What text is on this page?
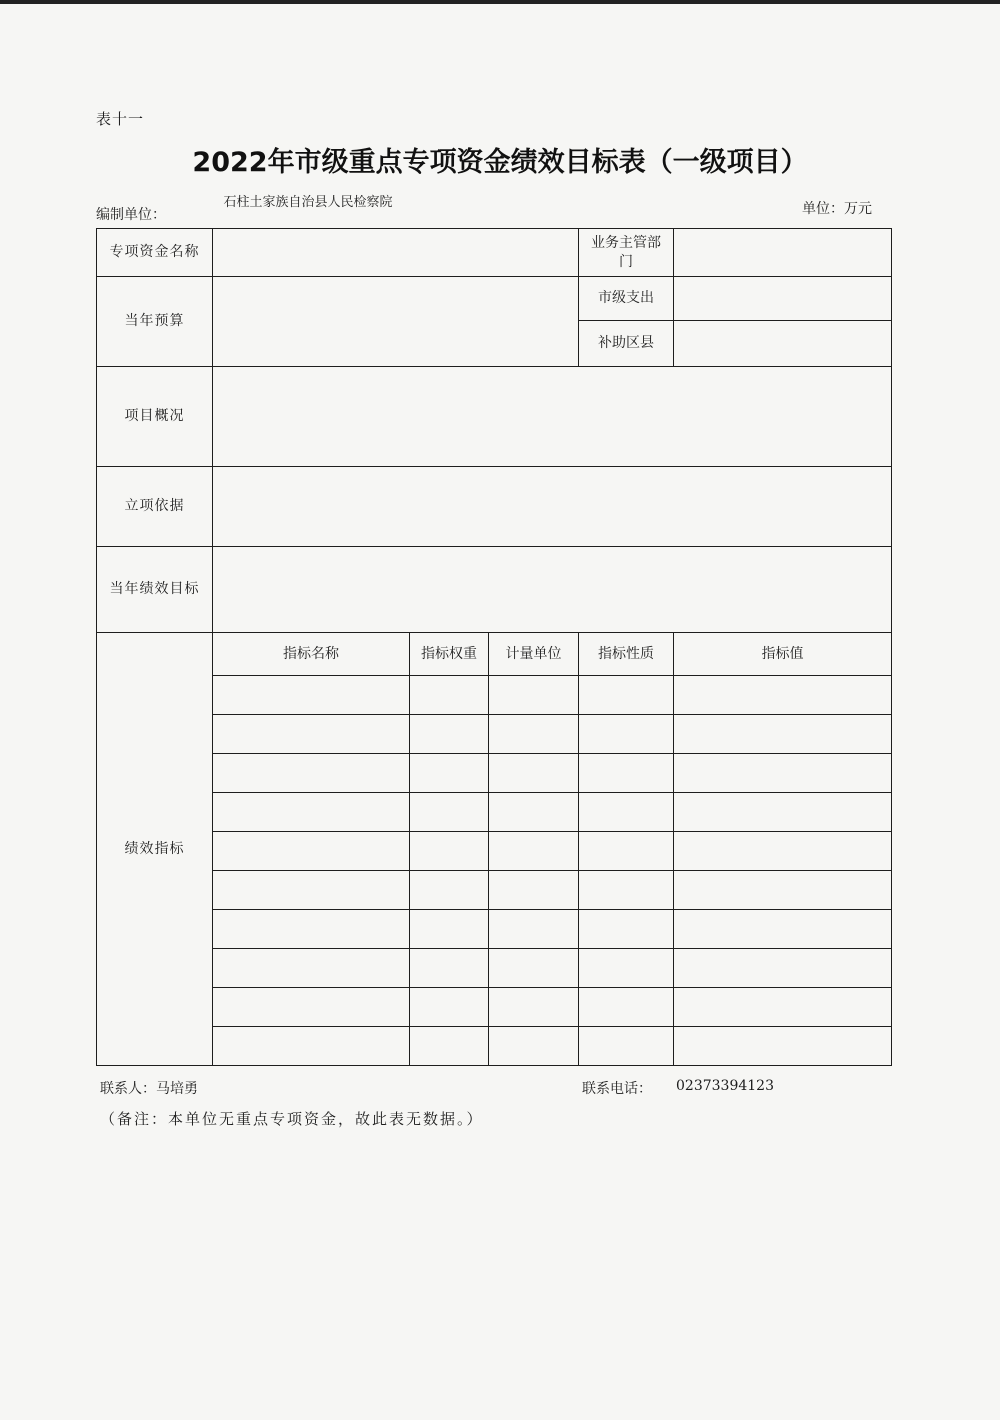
表十一
2022年市级重点专项资金绩效目标表（一级项目）
编制单位：
石柱土家族自治县人民检察院	单位：万元
专项资金名称				业务主管部门	
当年预算				市级支出	
				补助区县	
项目概况					
立项依据					
当年绩效目标					
绩效指标	指标名称	指标权重	计量单位	指标性质	指标值

联系人：马培勇	联系电话： 02373394123
（备注：本单位无重点专项资金，故此表无数据。）
